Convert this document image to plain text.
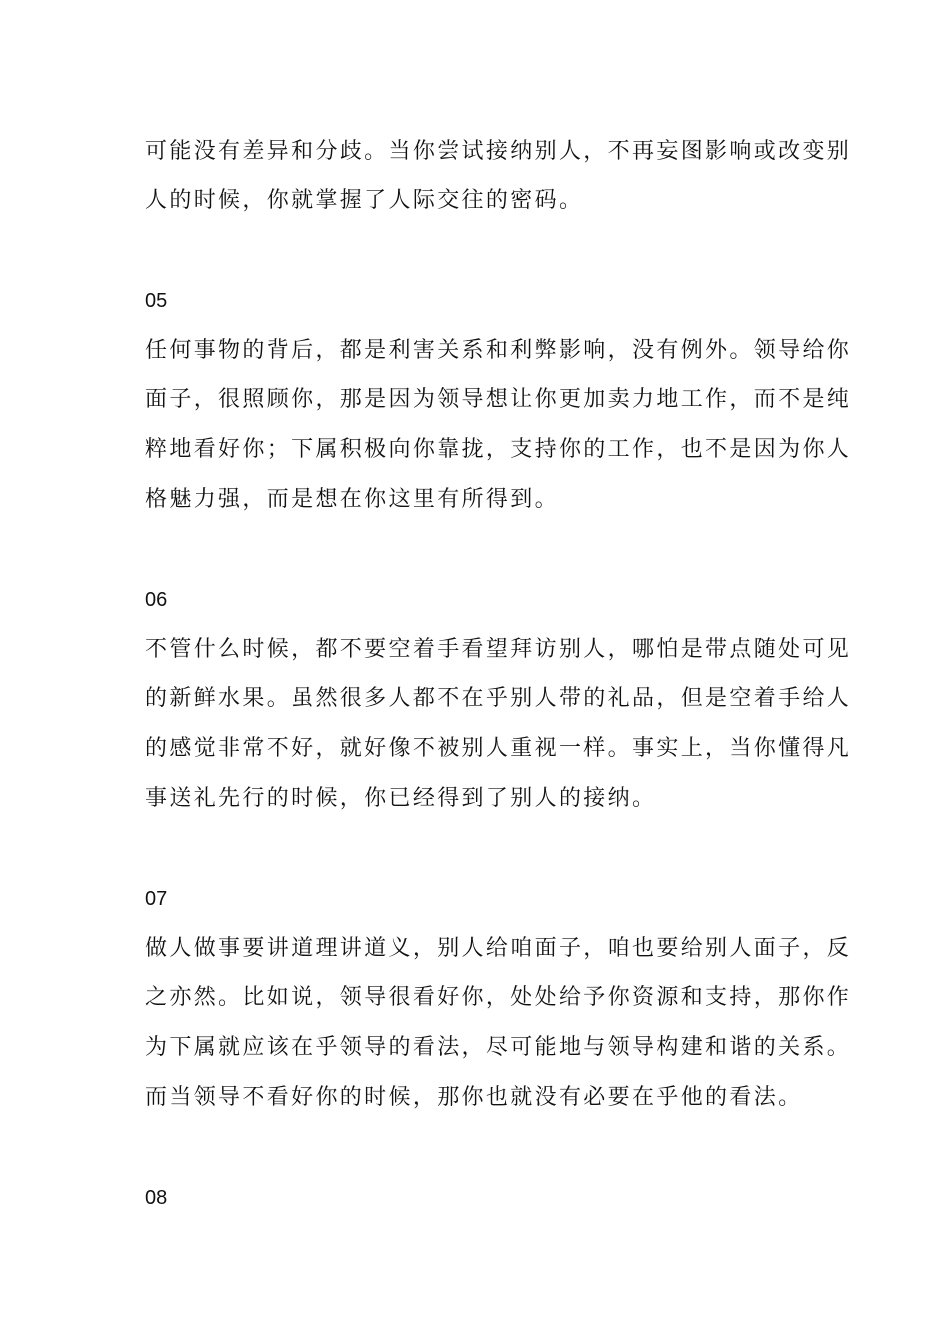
可能没有差异和分歧。当你尝试接纳别人，不再妄图影响或改变别
人的时候，你就掌握了人际交往的密码。
05
任何事物的背后，都是利害关系和利弊影响，没有例外。领导给你
面子，很照顾你，那是因为领导想让你更加卖力地工作，而不是纯
粹地看好你；下属积极向你靠拢，支持你的工作，也不是因为你人
格魅力强，而是想在你这里有所得到。
06
不管什么时候，都不要空着手看望拜访别人，哪怕是带点随处可见
的新鲜水果。虽然很多人都不在乎别人带的礼品，但是空着手给人
的感觉非常不好，就好像不被别人重视一样。事实上，当你懂得凡
事送礼先行的时候，你已经得到了别人的接纳。
07
做人做事要讲道理讲道义，别人给咱面子，咱也要给别人面子，反
之亦然。比如说，领导很看好你，处处给予你资源和支持，那你作
为下属就应该在乎领导的看法，尽可能地与领导构建和谐的关系。
而当领导不看好你的时候，那你也就没有必要在乎他的看法。
08
